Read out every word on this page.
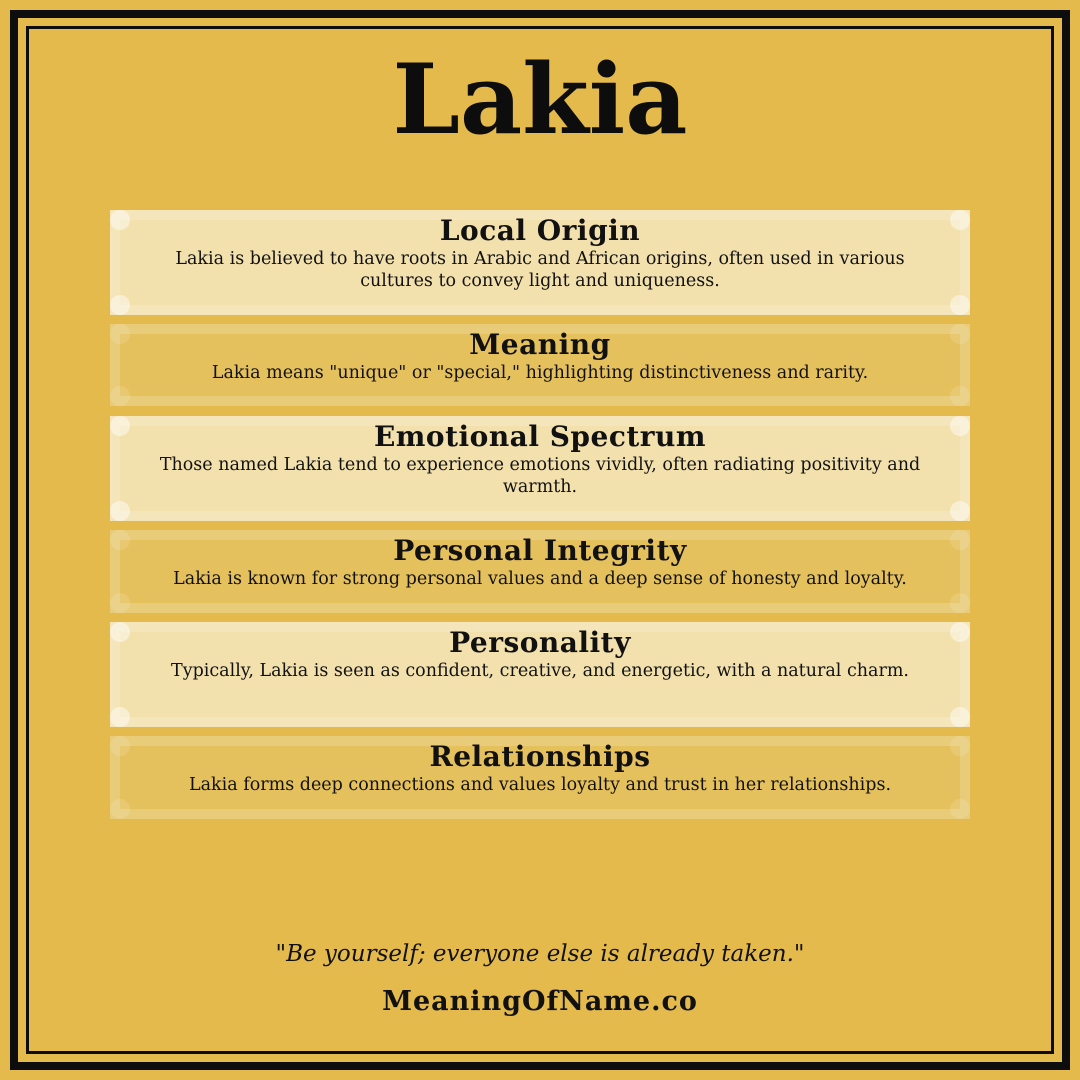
Lakia
Local Origin

Lakia is believed to have roots in Arabic and African origins, often used in various cultures to convey light and uniqueness.

Meaning

Lakia means "unique" or "special," highlighting distinctiveness and rarity.

Emotional Spectrum

Those named Lakia tend to experience emotions vividly, often radiating positivity and warmth.

Personal Integrity

Lakia is known for strong personal values and a deep sense of honesty and loyalty.

Personality

Typically, Lakia is seen as confident, creative, and energetic, with a natural charm.

Relationships

Lakia forms deep connections and values loyalty and trust in her relationships.

"Be yourself; everyone else is already taken."

MeaningOfName.co
